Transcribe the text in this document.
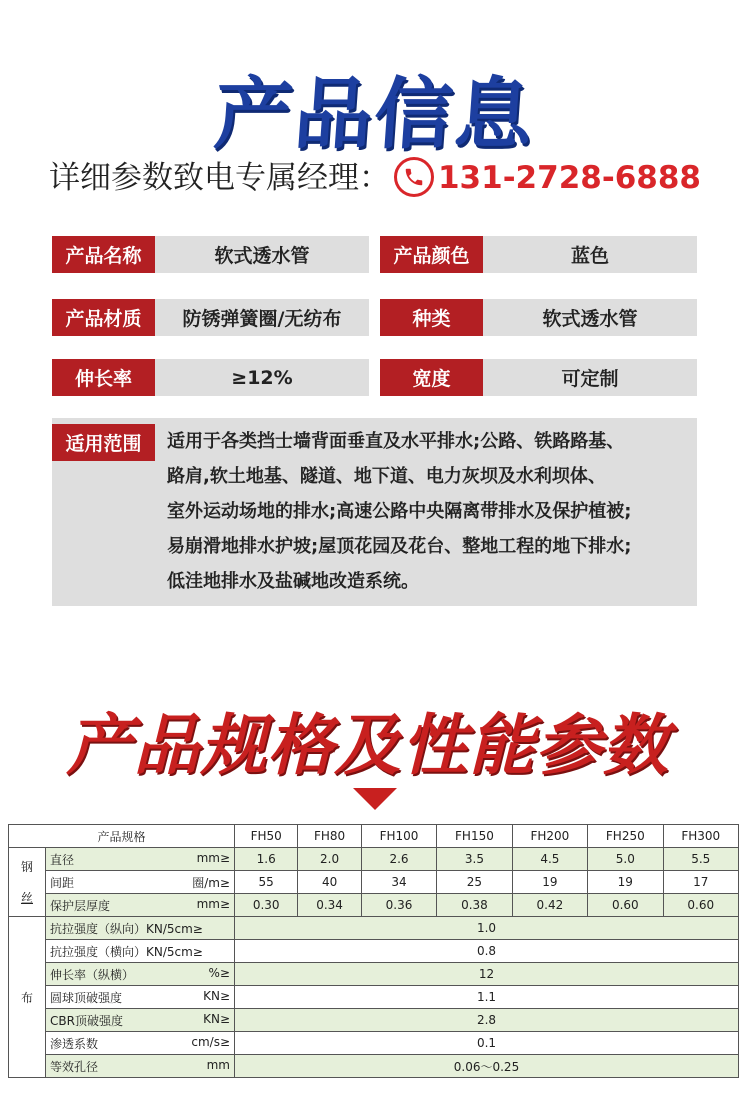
产品信息
详细参数致电专属经理： 131-2728-6888
产品名称	软式透水管	产品颜色	蓝色
产品材质	防锈弹簧圈/无纺布	种类	软式透水管
伸长率	≥12%	宽度	可定制
适用范围	适用于各类挡士墙背面垂直及水平排水;公路、铁路路基、
路肩,软土地基、隧道、地下道、电力灰坝及水利坝体、
室外运动场地的排水;高速公路中央隔离带排水及保护植被;
易崩滑地排水护坡;屋顶花园及花台、整地工程的地下排水;
低洼地排水及盐碱地改造系统。
产品规格及性能参数
产品规格		FH50	FH80	FH100	FH150	FH200	FH250	FH300
钢

丝	直径 mm≥	1.6	2.0	2.6	3.5	4.5	5.0	5.5

	间距 圈/m≥	55	40	34	25	19	19	17

	保护层厚度 mm≥	0.30	0.34	0.36	0.38	0.42	0.60	0.60
布	抗拉强度（纵向）KN/5cm≥	1.0						

	抗拉强度（横向）KN/5cm≥	0.8						

	伸长率（纵横） %≥	12						

	圆球顶破强度 KN≥	1.1						

	CBR顶破强度 KN≥	2.8						

	渗透系数 cm/s≥	0.1						

	等效孔径 mm	0.06～0.25						
